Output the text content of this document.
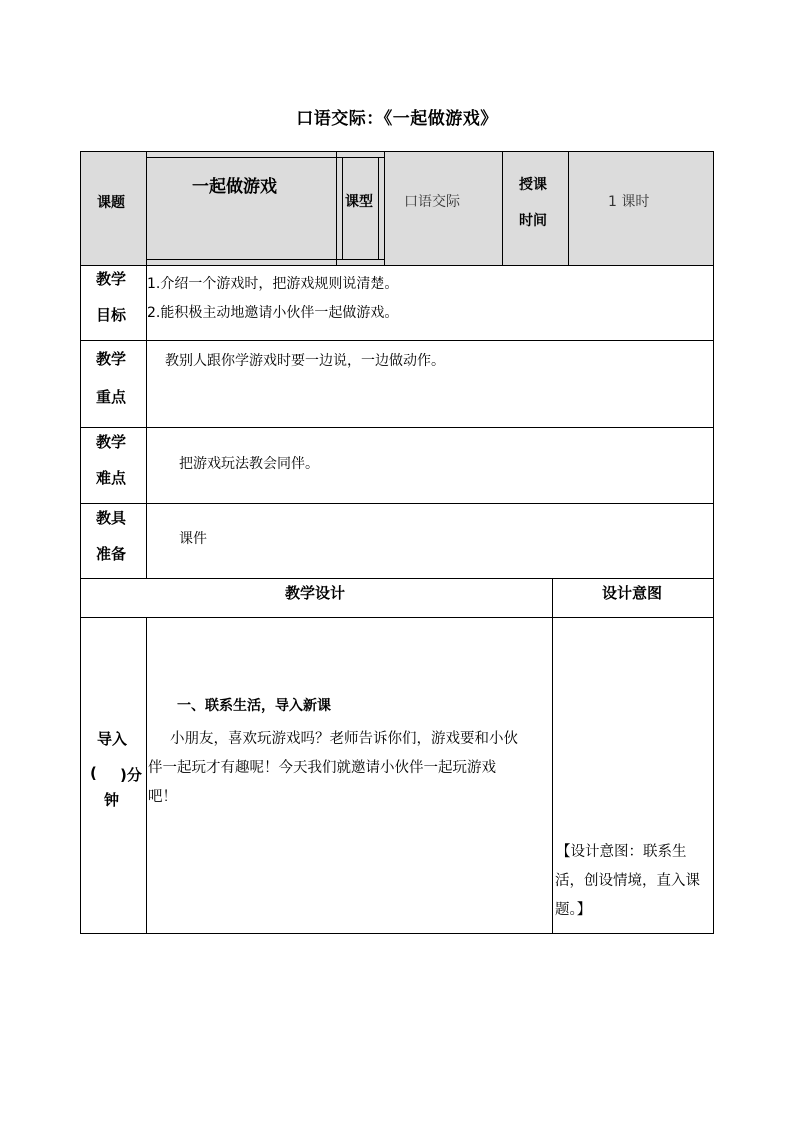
口语交际：《一起做游戏》
课题
一起做游戏
课型 口语交际
授课
时间
1 课时
教学
目标
1.介绍一个游戏时，把游戏规则说清楚。
2.能积极主动地邀请小伙伴一起做游戏。
教学
重点
教别人跟你学游戏时要一边说，一边做动作。
教学
难点
把游戏玩法教会同伴。
教具
准备
课件
教学设计	设计意图
导入
( )分
钟
一、联系生活，导入新课
小朋友，喜欢玩游戏吗？老师告诉你们，游戏要和小伙
伴一起玩才有趣呢！今天我们就邀请小伙伴一起玩游戏
吧！
【设计意图：联系生
活，创设情境，直入课
题。】
